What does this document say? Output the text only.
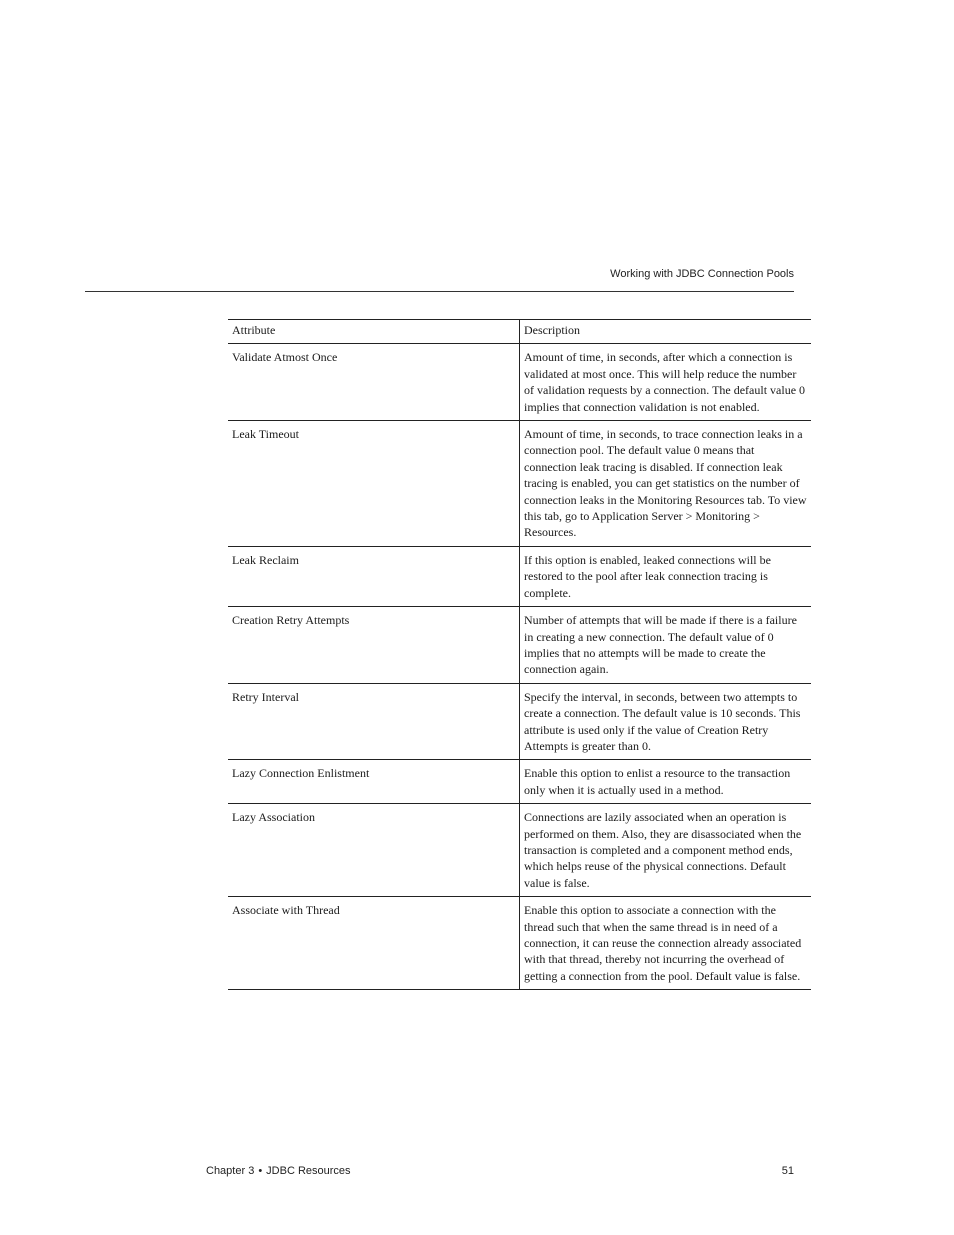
Working with JDBC Connection Pools
Attribute	Description
Validate Atmost Once	Amount of time, in seconds, after which a connection is validated at most once. This will help reduce the number of validation requests by a connection. The default value 0 implies that connection validation is not enabled.
Leak Timeout	Amount of time, in seconds, to trace connection leaks in a connection pool. The default value 0 means that connection leak tracing is disabled. If connection leak tracing is enabled, you can get statistics on the number of connection leaks in the Monitoring Resources tab. To view this tab, go to Application Server > Monitoring > Resources.
Leak Reclaim	If this option is enabled, leaked connections will be restored to the pool after leak connection tracing is complete.
Creation Retry Attempts	Number of attempts that will be made if there is a failure in creating a new connection. The default value of 0 implies that no attempts will be made to create the connection again.
Retry Interval	Specify the interval, in seconds, between two attempts to create a connection. The default value is 10 seconds. This attribute is used only if the value of Creation Retry Attempts is greater than 0.
Lazy Connection Enlistment	Enable this option to enlist a resource to the transaction only when it is actually used in a method.
Lazy Association	Connections are lazily associated when an operation is performed on them. Also, they are disassociated when the transaction is completed and a component method ends, which helps reuse of the physical connections. Default value is false.
Associate with Thread	Enable this option to associate a connection with the thread such that when the same thread is in need of a connection, it can reuse the connection already associated with that thread, thereby not incurring the overhead of getting a connection from the pool. Default value is false.
Chapter 3 • JDBC Resources	51
